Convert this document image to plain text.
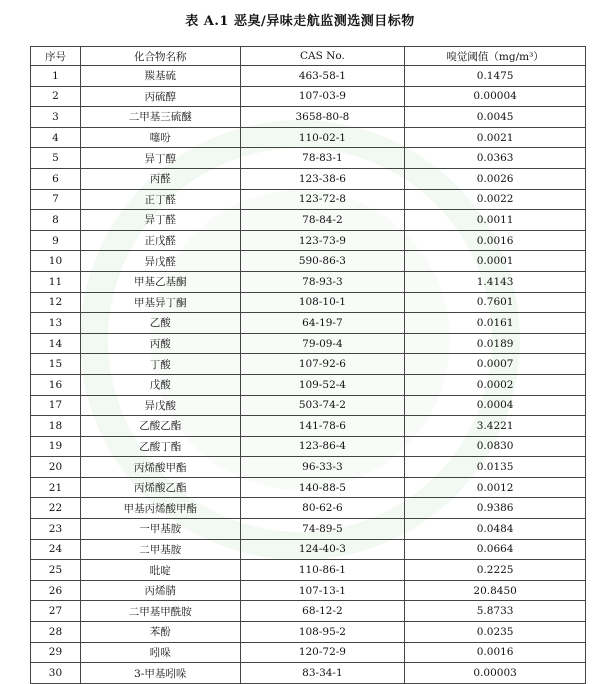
表 A.1 恶臭/异味走航监测选测目标物
序号	化合物名称	CAS No.	嗅觉阈值（mg/m³）
1	羰基硫	463-58-1	0.1475
2	丙硫醇	107-03-9	0.00004
3	二甲基三硫醚	3658-80-8	0.0045
4	噻吩	110-02-1	0.0021
5	异丁醇	78-83-1	0.0363
6	丙醛	123-38-6	0.0026
7	正丁醛	123-72-8	0.0022
8	异丁醛	78-84-2	0.0011
9	正戊醛	123-73-9	0.0016
10	异戊醛	590-86-3	0.0001
11	甲基乙基酮	78-93-3	1.4143
12	甲基异丁酮	108-10-1	0.7601
13	乙酸	64-19-7	0.0161
14	丙酸	79-09-4	0.0189
15	丁酸	107-92-6	0.0007
16	戊酸	109-52-4	0.0002
17	异戊酸	503-74-2	0.0004
18	乙酸乙酯	141-78-6	3.4221
19	乙酸丁酯	123-86-4	0.0830
20	丙烯酸甲酯	96-33-3	0.0135
21	丙烯酸乙酯	140-88-5	0.0012
22	甲基丙烯酸甲酯	80-62-6	0.9386
23	一甲基胺	74-89-5	0.0484
24	二甲基胺	124-40-3	0.0664
25	吡啶	110-86-1	0.2225
26	丙烯腈	107-13-1	20.8450
27	二甲基甲酰胺	68-12-2	5.8733
28	苯酚	108-95-2	0.0235
29	吲哚	120-72-9	0.0016
30	3-甲基吲哚	83-34-1	0.00003
